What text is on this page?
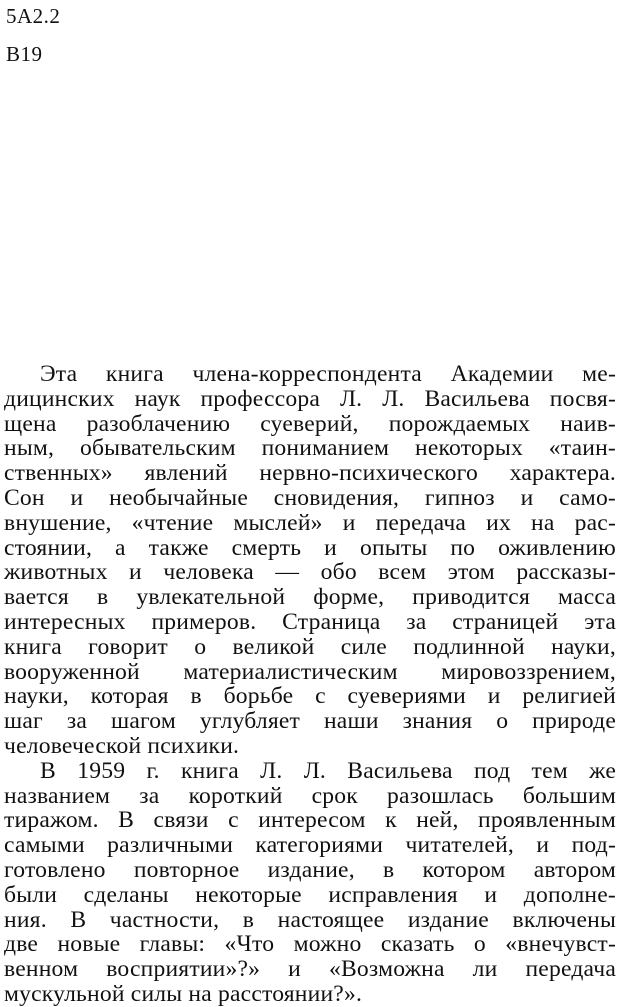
5А2.2
В19
Эта книга члена-корреспондента Академии ме-
дицинских наук профессора Л. Л. Васильева посвя-
щена разоблачению суеверий, порождаемых наив-
ным, обывательским пониманием некоторых «таин-
ственных» явлений нервно-психического характера.
Сон и необычайные сновидения, гипноз и само-
внушение, «чтение мыслей» и передача их на рас-
стоянии, а также смерть и опыты по оживлению
животных и человека — обо всем этом рассказы-
вается в увлекательной форме, приводится масса
интересных примеров. Страница за страницей эта
книга говорит о великой силе подлинной науки,
вооруженной материалистическим мировоззрением,
науки, которая в борьбе с суевериями и религией
шаг за шагом углубляет наши знания о природе
человеческой психики.
В 1959 г. книга Л. Л. Васильева под тем же
названием за короткий срок разошлась большим
тиражом. В связи с интересом к ней, проявленным
самыми различными категориями читателей, и под-
готовлено повторное издание, в котором автором
были сделаны некоторые исправления и дополне-
ния. В частности, в настоящее издание включены
две новые главы: «Что можно сказать о «внечувст-
венном восприятии»?» и «Возможна ли передача
мускульной силы на расстоянии?».
